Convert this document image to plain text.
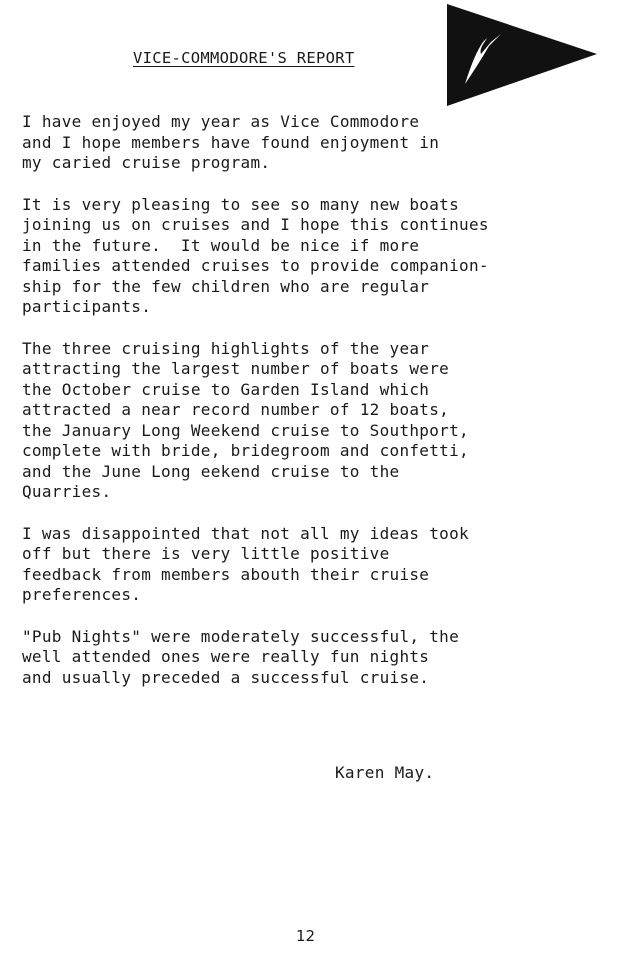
VICE-COMMODORE'S REPORT

I have enjoyed my year as Vice Commodore
and I hope members have found enjoyment in
my caried cruise program.

It is very pleasing to see so many new boats
joining us on cruises and I hope this continues
in the future.  It would be nice if more
families attended cruises to provide companion-
ship for the few children who are regular
participants.

The three cruising highlights of the year
attracting the largest number of boats were
the October cruise to Garden Island which
attracted a near record number of 12 boats,
the January Long Weekend cruise to Southport,
complete with bride, bridegroom and confetti,
and the June Long eekend cruise to the
Quarries.

I was disappointed that not all my ideas took
off but there is very little positive
feedback from members abouth their cruise
preferences.

"Pub Nights" were moderately successful, the
well attended ones were really fun nights
and usually preceded a successful cruise.

Karen May.
12
